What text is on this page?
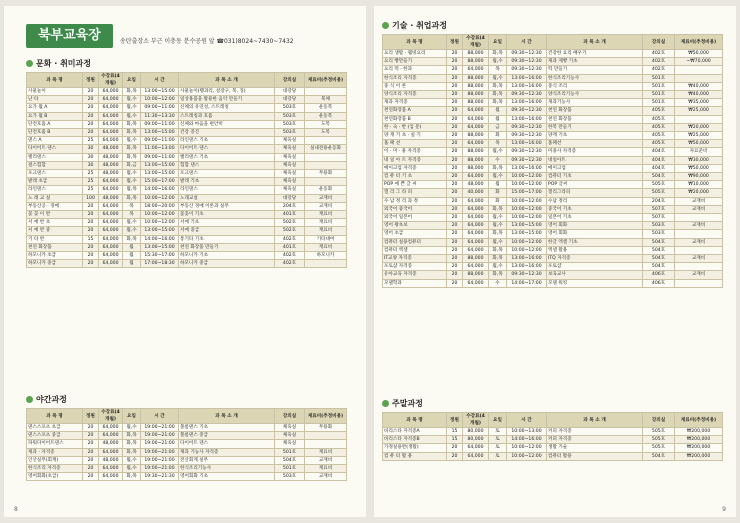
북부교육장	송탄출장소 부근 이충동 분수공원 앞 ☎031)8024~7430~7432
문화 · 취미과정
과 목 명	정원	수강료(4개월)	요일	시 간	과 목 소 개	강의실	재료비(추정비용)
사물놀이	20	64,000	화,목	13:00~15:00	사물놀이(꽹과리, 설장구, 북, 징)	대강당	
난 타	20	64,000	월,수	10:00~12:00	일상용품을 활용한 음악 만들기	대강당	북채
요가 월 A	20	64,000	월,수	09:00~11:00	신체의 유연성, 스트레칭	503호	운동복
요가 월 B	20	64,000	월,수	11:30~13:30	스트레칭과 호흡	503호	운동복
단전호흡 A	20	64,000	화,목	09:00~11:00	신체와 마음을 편안히	503호	도복
단전호흡 B	20	64,000	화,목	13:00~15:00	건강 증진	503호	도복
댄스 A	25	64,000	월,수	09:00~11:00	라인댄스 기초	체육실	
다이어트 댄스	30	48,000	화,목	11:00~13:00	다이어트 댄스	체육실	실내전용운동화
밸리댄스	30	48,000	화,목	09:00~11:00	밸리댄스 기초	체육실	
걸스힙합	30	48,000	화,금	13:00~15:00	힙합 댄스	체육실	
포크댄스	25	48,000	월,수	13:00~15:00	포크댄스	체육실	무용화
발레 초급	25	64,000	월,수	15:00~17:00	발레 기초	체육실	
라인댄스	25	64,000	월,목	14:00~16:00	라인댄스	체육실	운동화
노 래 교 실	100	48,000	화,목	10:00~12:00	노래교실	대강당	교재비
부동산공 · 경매	20	64,000	목	18:00~20:00	부동산 경매 이론과 실무	204호	교재비
꽃 꽂 이 반	20	64,000	목	10:00~12:00	꽃꽂이 기초	401호	재료비
서 예 반 초	20	64,000	월,수	10:00~12:00	서예 기초	502호	재료비
서 예 반 중	20	64,000	월,수	13:00~15:00	서예 중급	502호	재료비
기 타 반	15	64,000	화,목	14:00~16:00	통기타 기초	402호	기타대여
천연 화장품	20	64,000	월	13:00~15:00	천연 화장품 만들기	401호	재료비
하모니카 초급	20	64,000	월	15:30~17:00	하모니카 기초	402호	하모니카
하모니카 중급	20	64,000	월	17:00~18:30	하모니카 중급	402호	
야간과정
과 목 명	정원	수강료(4개월)	요일	시 간	과 목 소 개	강의실	재료비(추정비용)
댄스스포츠 초급	20	64,000	월,수	19:00~21:00	볼룸댄스 기초	체육실	무용화
댄스스포츠 중급	20	64,000	화,목	19:00~21:00	볼룸댄스 중급	체육실	
파워다이어트댄스	20	48,000	화,목	19:00~21:00	다이어트 댄스	체육실	
제과 · 자격증	20	64,000	화,목	19:00~21:00	제과 기능사 자격증	501호	재료비
인산실무(회계)	20	48,000	월,수	19:00~21:00	전산회계 실무	504호	교재비
한식조리 자격증	20	64,000	월,수	19:00~21:00	한식조리기능사	501호	재료비
영어회화(초급)	20	64,000	화,목	19:30~21:30	영어회화 기초	503호	교재비
8
기술 · 취업과정
과 목 명	정원	수강료(4개월)	요일	시 간	과 목 소 개	강의실	재료비(추정비용)
요리 생활 · 웰빙요리	20	88,000	화,목	09:30~12:30	건강한 요리 배우기	402호	₩50,000
요리 빵만들기	20	88,000	월,수	09:30~12:30	제과 제빵 기초	402호	~₩70,000
요리 떡 · 한과	20	64,000	목	09:30~12:30	떡 만들기	402호	
한식조리 자격증	20	88,000	월,수	13:00~16:00	한식조리기능사	501호	
중 식 이 론	20	88,000	화,목	13:00~16:00	중식 조리	501호	₩40,000
양식조리 자격증	20	88,000	화,목	09:30~12:30	양식조리기능사	501호	₩40,000
제과 자격증	20	88,000	화,목	13:00~16:00	제과기능사	501호	₩35,000
천연화장품 A	20	64,000	월	09:30~12:30	천연 화장품	405호	₩25,000
천연화장품 B	20	64,000	월	13:00~16:00	천연 화장품	405호	
한 · 숙 · 반 (입 문)	20	64,000	금	09:30~12:30	한복 만들기	405호	₩20,000
양 재 기 초 · 실 기	20	88,000	화	09:30~12:30	양재 기초	405호	₩25,000
홈 패 션	20	64,000	목	13:00~16:00	홈패션	405호	₩50,000
이 · 미 · 용 자격증	20	88,000	월,수	09:30~12:30	미용사 자격증	404호	자료준비
네 일 아 트 자격증	20	88,000	수	09:30~12:30	네일아트	404호	₩30,000
메이크업 자격증	20	88,000	화,목	13:00~16:00	메이크업	404호	₩50,000
컴 퓨 터 기 초	20	64,000	월,수	10:00~12:00	컴퓨터 기초	504호	₩90,000
POP 예 쁜 글 씨	20	48,000	월	10:00~12:00	POP 글씨	505호	₩10,000
캘 리 그 라 피	20	40,000	화	15:00~17:00	캘리그라피	505호	₩20,000
수 납 정 리 과 정	20	64,000	화	10:00~12:00	수납 정리	204호	교재비
외국어 중국어	20	64,000	화,목	10:00~12:00	중국어 기초	507호	교재비
외국어 일본어	20	64,000	월,수	10:00~12:00	일본어 기초	507호	
영어 왕초보	20	64,000	월,수	13:00~15:00	영어 회화	503호	교재비
영어 초급	20	64,000	화,목	13:00~15:00	영어 회화	503호	
컴퓨터 실용컴퓨터	20	64,000	월,수	10:00~12:00	한글 엑셀 기초	504호	교재비
컴퓨터 엑셀	20	64,000	화,목	10:00~12:00	엑셀 활용	504호	
IT교양 자격증	20	88,000	화,목	13:00~16:00	ITQ 자격증	504호	교재비
포토샵 자격증	20	64,000	월,수	13:00~16:00	포토샵	504호	
유아교육 자격증	20	88,000	화,목	09:30~12:30	보육교사	406호	교재비
모델학과	20	64,000	수	14:00~17:00	모델 워킹	406호	
주말과정
과 목 명	정원	수강료(4개월)	요일	시 간	과 목 소 개	강의실	재료비(추정비용)
바리스타 자격증A	15	80,000	토	10:00~13:00	커피 자격증	505호	₩200,000
바리스타 자격증B	15	80,000	토	14:00~16:00	커피 자격증	505호	₩200,000
가정실용반(생활)	20	64,000	토	10:00~12:00	생활 기술	505호	₩200,000
컴 퓨 터 활 용	20	64,000	토	10:00~12:00	컴퓨터 활용	504호	₩200,000
9
